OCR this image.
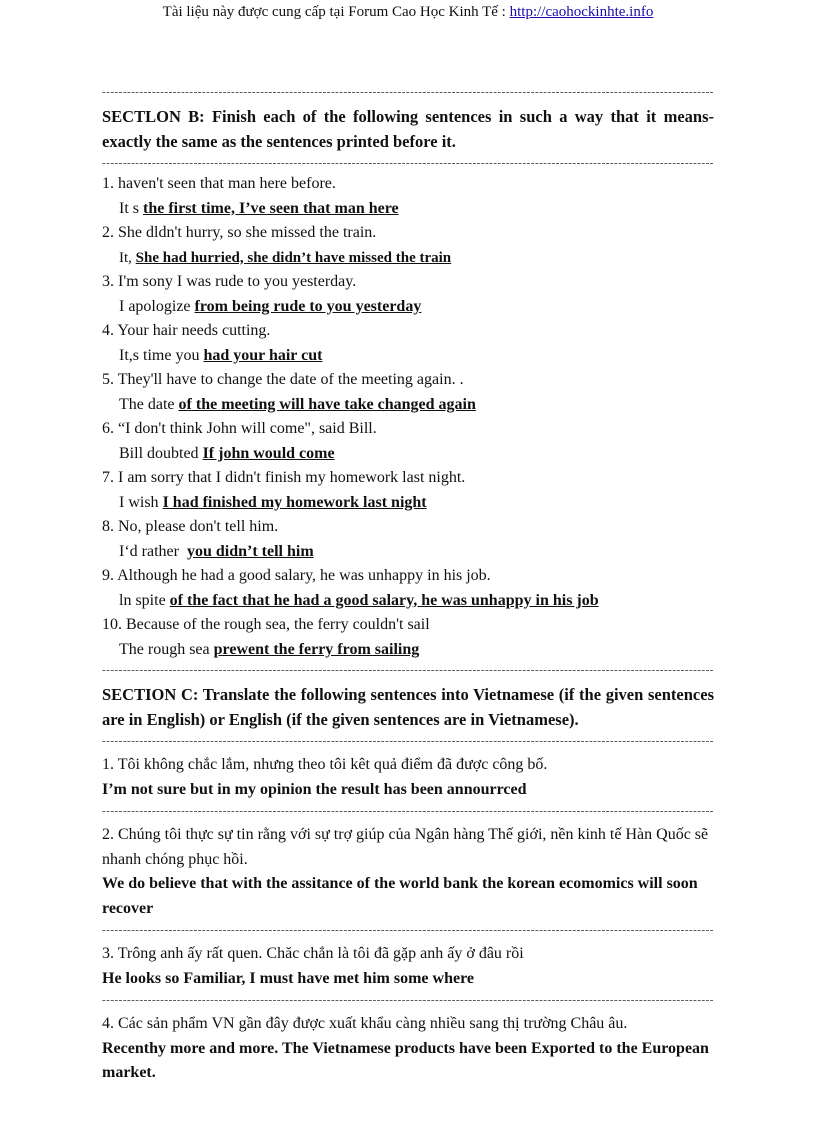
Tài liệu này được cung cấp tại Forum Cao Học Kinh Tế : http://caohockinhte.info
-----
SECTLON B: Finish each of the following sentences in such a way that it means-exactly the same as the sentences printed before it.
-----
1. haven't seen that man here before.
It s the first time, I’ve seen that man here
2. She dldn't hurry, so she missed the train.
It, She had hurried, she didn’t have missed the train
3. I'm sony I was rude to you yesterday.
I apologize from being rude to you yesterday
4. Your hair needs cutting.
It,s time you had your hair cut
5. They'll have to change the date of the meeting again. .
The date of the meeting will have take changed again
6. “I don't think John will come", said Bill.
Bill doubted If john would come
7. I am sorry that I didn't finish my homework last night.
I wish I had finished my homework last night
8. No, please don't tell him.
I‘d rather  you didn’t tell him
9. Although he had a good salary, he was unhappy in his job.
ln spite of the fact that he had a good salary, he was unhappy in his job
10. Because of the rough sea, the ferry couldn't sail
The rough sea prewent the ferry from sailing
-----
SECTION C: Translate the following sentences into Vietnamese (if the given sentences are in English) or English (if the given sentences are in Vietnamese).
-----
1. Tôi không chắc lắm, nhưng theo tôi kêt quả điểm đã được công bố.
I’m not sure but in my opinion the result has been annourrced
-----
2. Chúng tôi thực sự tin rằng với sự trợ giúp của Ngân hàng Thế giới, nền kinh tế Hàn Quốc sẽ nhanh chóng phục hồi.
We do believe that with the assitance of the world bank the korean ecomomics will soon recover
-----
3. Trông anh ấy rất quen. Chăc chắn là tôi đã gặp anh ấy ở đâu rồi
He looks so Familiar, I must have met him some where
-----
4. Các sản phẩm VN gần đây được xuất khẩu càng nhiều sang thị trường Châu âu.
Recenthy more and more. The Vietnamese products have been Exported to the European market.
